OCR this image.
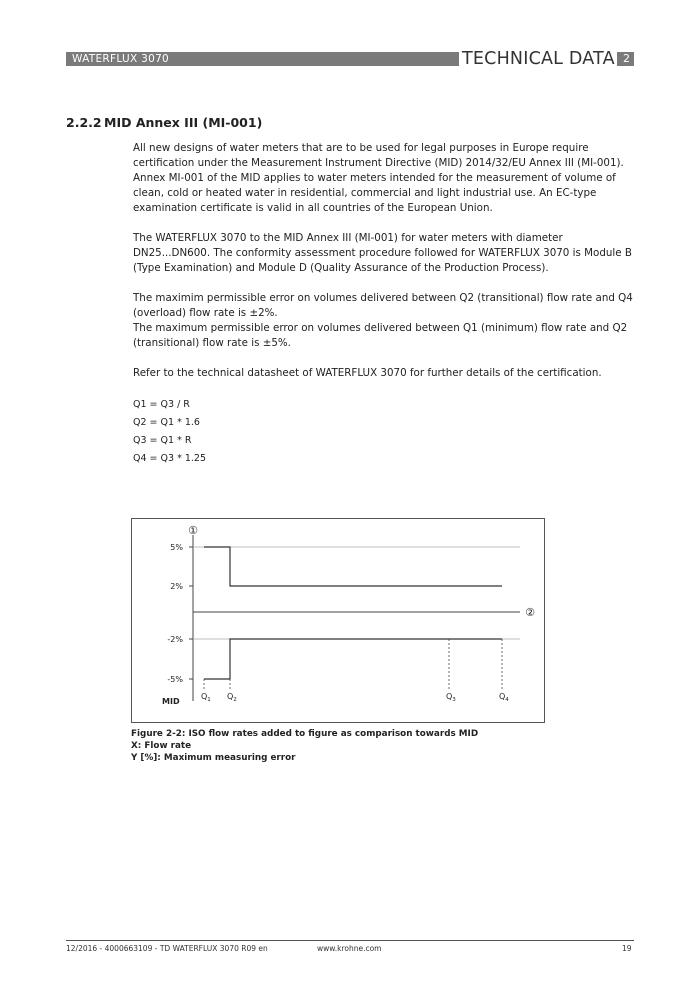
WATERFLUX 3070	TECHNICAL DATA 2
2.2.2 MID Annex III (MI-001)

All new designs of water meters that are to be used for legal purposes in Europe require certification under the Measurement Instrument Directive (MID) 2014/32/EU Annex III (MI-001). Annex MI-001 of the MID applies to water meters intended for the measurement of volume of clean, cold or heated water in residential, commercial and light industrial use. An EC-type examination certificate is valid in all countries of the European Union.

The WATERFLUX 3070 to the MID Annex III (MI-001) for water meters with diameter DN25...DN600. The conformity assessment procedure followed for WATERFLUX 3070 is Module B (Type Examination) and Module D (Quality Assurance of the Production Process).

The maximim permissible error on volumes delivered between Q2 (transitional) flow rate and Q4 (overload) flow rate is ±2%.

The maximum permissible error on volumes delivered between Q1 (minimum) flow rate and Q2 (transitional) flow rate is ±5%.

Refer to the technical datasheet of WATERFLUX 3070 for further details of the certification.

Q1 = Q3 / R
Q2 = Q1 * 1.6
Q3 = Q1 * R
Q4 = Q3 * 1.25
①
5%
2%
-2%
-5%
②
MID
$Q_1$ $Q_2$	$Q_3$	$Q_4$
Figure 2-2: ISO flow rates added to figure as comparison towards MID
X: Flow rate
Y [%]: Maximum measuring error
12/2016 - 4000663109 - TD WATERFLUX 3070 R09 en	www.krohne.com	19
